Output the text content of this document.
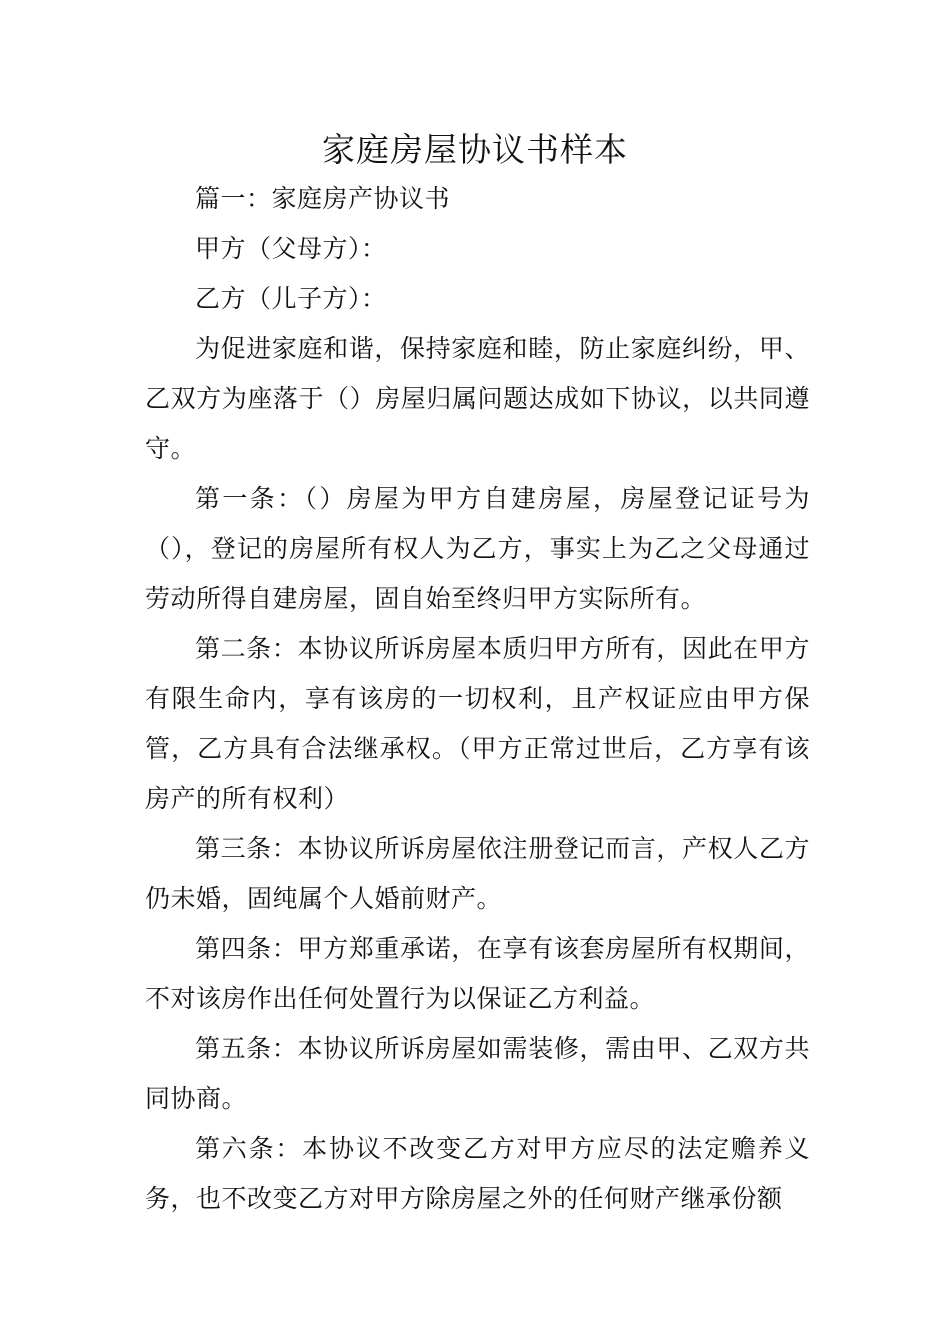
家庭房屋协议书样本

篇一：家庭房产协议书

甲方（父母方）：

乙方（儿子方）：

为促进家庭和谐，保持家庭和睦，防止家庭纠纷，甲、乙双方为座落于（）房屋归属问题达成如下协议，以共同遵守。

第一条：（）房屋为甲方自建房屋，房屋登记证号为（），登记的房屋所有权人为乙方，事实上为乙之父母通过劳动所得自建房屋，固自始至终归甲方实际所有。

第二条：本协议所诉房屋本质归甲方所有，因此在甲方有限生命内，享有该房的一切权利，且产权证应由甲方保管，乙方具有合法继承权。（甲方正常过世后，乙方享有该房产的所有权利）

第三条：本协议所诉房屋依注册登记而言，产权人乙方仍未婚，固纯属个人婚前财产。

第四条：甲方郑重承诺，在享有该套房屋所有权期间，不对该房作出任何处置行为以保证乙方利益。

第五条：本协议所诉房屋如需装修，需由甲、乙双方共同协商。

第六条：本协议不改变乙方对甲方应尽的法定赡养义务，也不改变乙方对甲方除房屋之外的任何财产继承份额
